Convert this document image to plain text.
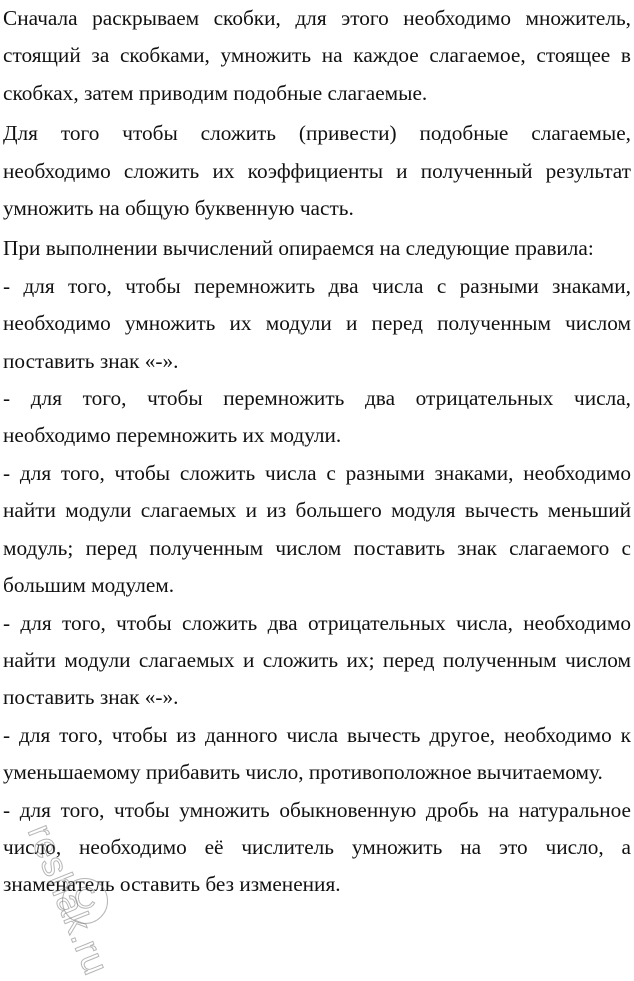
Сначала раскрываем скобки, для этого необходимо множитель, стоящий за скобками, умножить на каждое слагаемое, стоящее в скобках, затем приводим подобные слагаемые.

Для того чтобы сложить (привести) подобные слагаемые, необходимо сложить их коэффициенты и полученный результат умножить на общую буквенную часть.

При выполнении вычислений опираемся на следующие правила:

- для того, чтобы перемножить два числа с разными знаками, необходимо умножить их модули и перед полученным числом поставить знак «-».

- для того, чтобы перемножить два отрицательных числа, необходимо перемножить их модули.

- для того, чтобы сложить числа с разными знаками, необходимо найти модули слагаемых и из большего модуля вычесть меньший модуль; перед полученным числом поставить знак слагаемого с большим модулем.

- для того, чтобы сложить два отрицательных числа, необходимо найти модули слагаемых и сложить их; перед полученным числом поставить знак «-».

- для того, чтобы из данного числа вычесть другое, необходимо к уменьшаемому прибавить число, противоположное вычитаемому.

- для того, чтобы умножить обыкновенную дробь на натуральное число, необходимо её числитель умножить на это число, а знаменатель оставить без изменения.

reshak.ru
C
